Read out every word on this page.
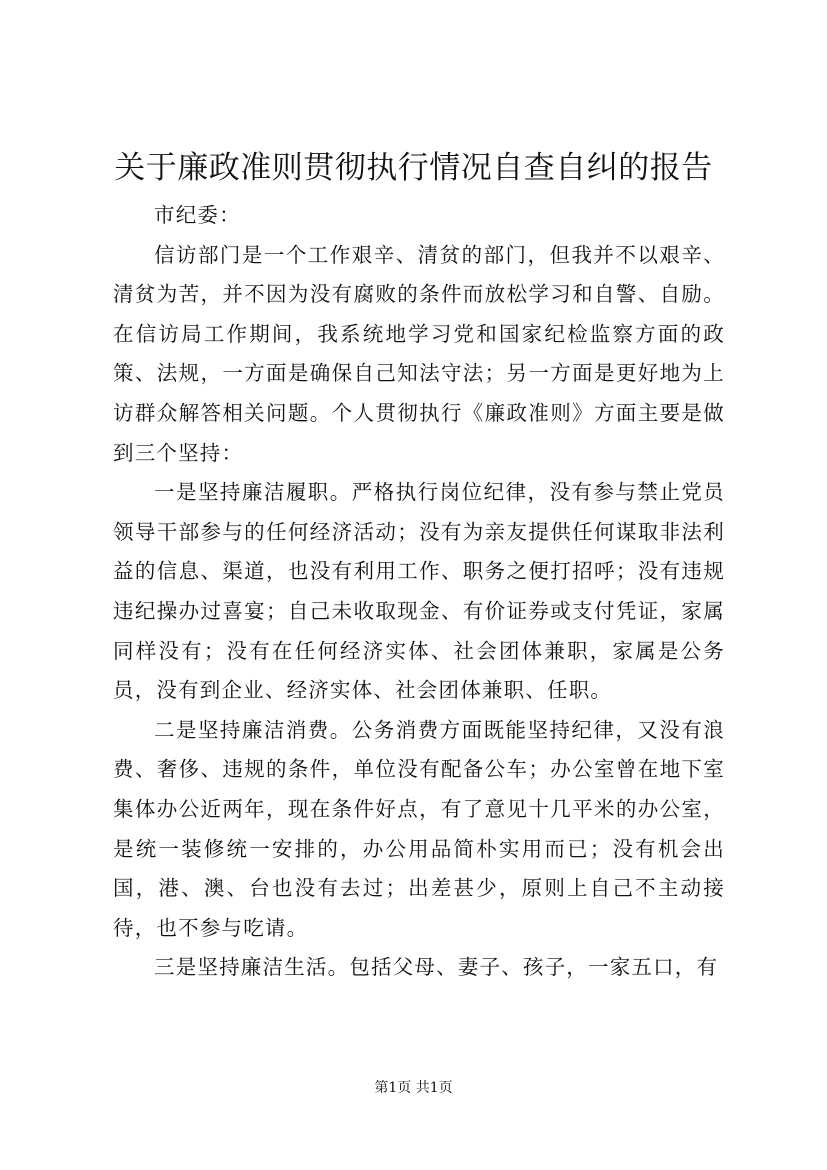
关于廉政准则贯彻执行情况自查自纠的报告

市纪委：

信访部门是一个工作艰辛、清贫的部门，但我并不以艰辛、清贫为苦，并不因为没有腐败的条件而放松学习和自警、自励。在信访局工作期间，我系统地学习党和国家纪检监察方面的政策、法规，一方面是确保自己知法守法；另一方面是更好地为上访群众解答相关问题。个人贯彻执行《廉政准则》方面主要是做到三个坚持：

一是坚持廉洁履职。严格执行岗位纪律，没有参与禁止党员领导干部参与的任何经济活动；没有为亲友提供任何谋取非法利益的信息、渠道，也没有利用工作、职务之便打招呼；没有违规违纪操办过喜宴；自己未收取现金、有价证券或支付凭证，家属同样没有；没有在任何经济实体、社会团体兼职，家属是公务员，没有到企业、经济实体、社会团体兼职、任职。

二是坚持廉洁消费。公务消费方面既能坚持纪律，又没有浪费、奢侈、违规的条件，单位没有配备公车；办公室曾在地下室集体办公近两年，现在条件好点，有了意见十几平米的办公室，是统一装修统一安排的，办公用品简朴实用而已；没有机会出国，港、澳、台也没有去过；出差甚少，原则上自己不主动接待，也不参与吃请。

三是坚持廉洁生活。包括父母、妻子、孩子，一家五口，有

第1页 共1页
